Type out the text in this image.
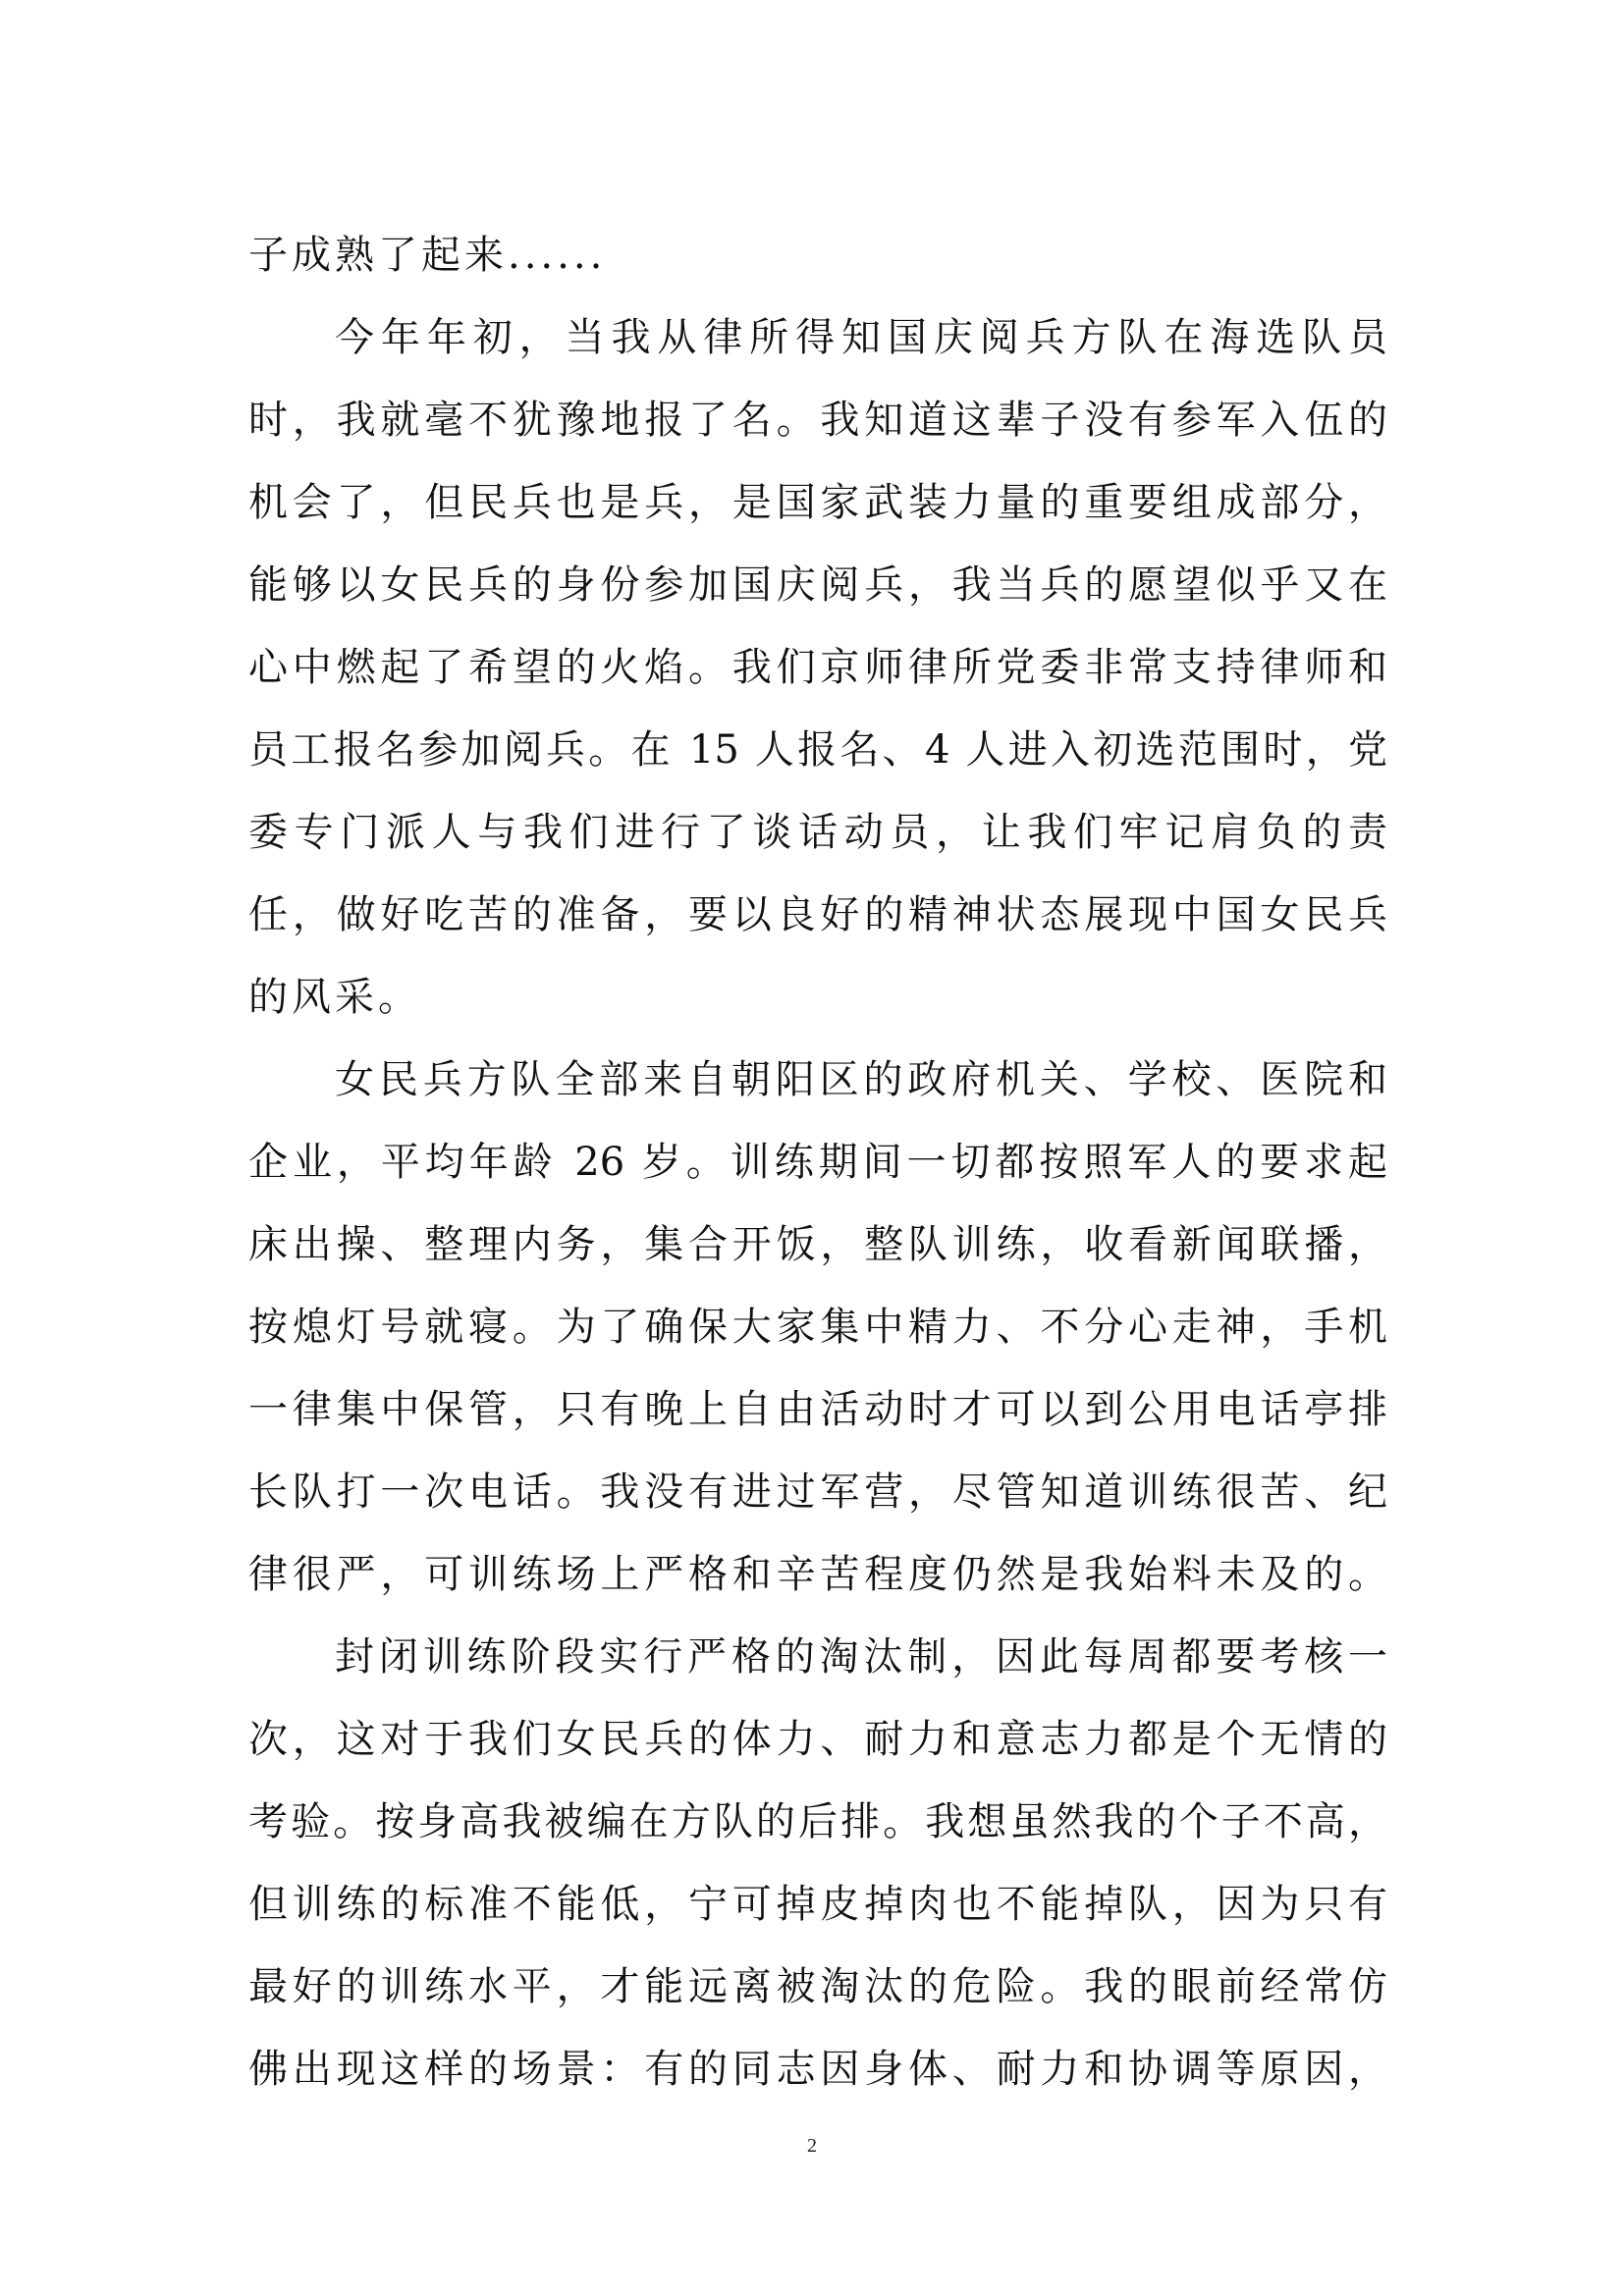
子成熟了起来......
今年年初，当我从律所得知国庆阅兵方队在海选队员
时，我就毫不犹豫地报了名。我知道这辈子没有参军入伍的
机会了，但民兵也是兵，是国家武装力量的重要组成部分，
能够以女民兵的身份参加国庆阅兵，我当兵的愿望似乎又在
心中燃起了希望的火焰。我们京师律所党委非常支持律师和
员工报名参加阅兵。在 15 人报名、4 人进入初选范围时，党
委专门派人与我们进行了谈话动员，让我们牢记肩负的责
任，做好吃苦的准备，要以良好的精神状态展现中国女民兵
的风采。
女民兵方队全部来自朝阳区的政府机关、学校、医院和
企业，平均年龄 26 岁。训练期间一切都按照军人的要求起
床出操、整理内务，集合开饭，整队训练，收看新闻联播，
按熄灯号就寝。为了确保大家集中精力、不分心走神，手机
一律集中保管，只有晚上自由活动时才可以到公用电话亭排
长队打一次电话。我没有进过军营，尽管知道训练很苦、纪
律很严，可训练场上严格和辛苦程度仍然是我始料未及的。
封闭训练阶段实行严格的淘汰制，因此每周都要考核一
次，这对于我们女民兵的体力、耐力和意志力都是个无情的
考验。按身高我被编在方队的后排。我想虽然我的个子不高，
但训练的标准不能低，宁可掉皮掉肉也不能掉队，因为只有
最好的训练水平，才能远离被淘汰的危险。我的眼前经常仿
佛出现这样的场景：有的同志因身体、耐力和协调等原因，
2
